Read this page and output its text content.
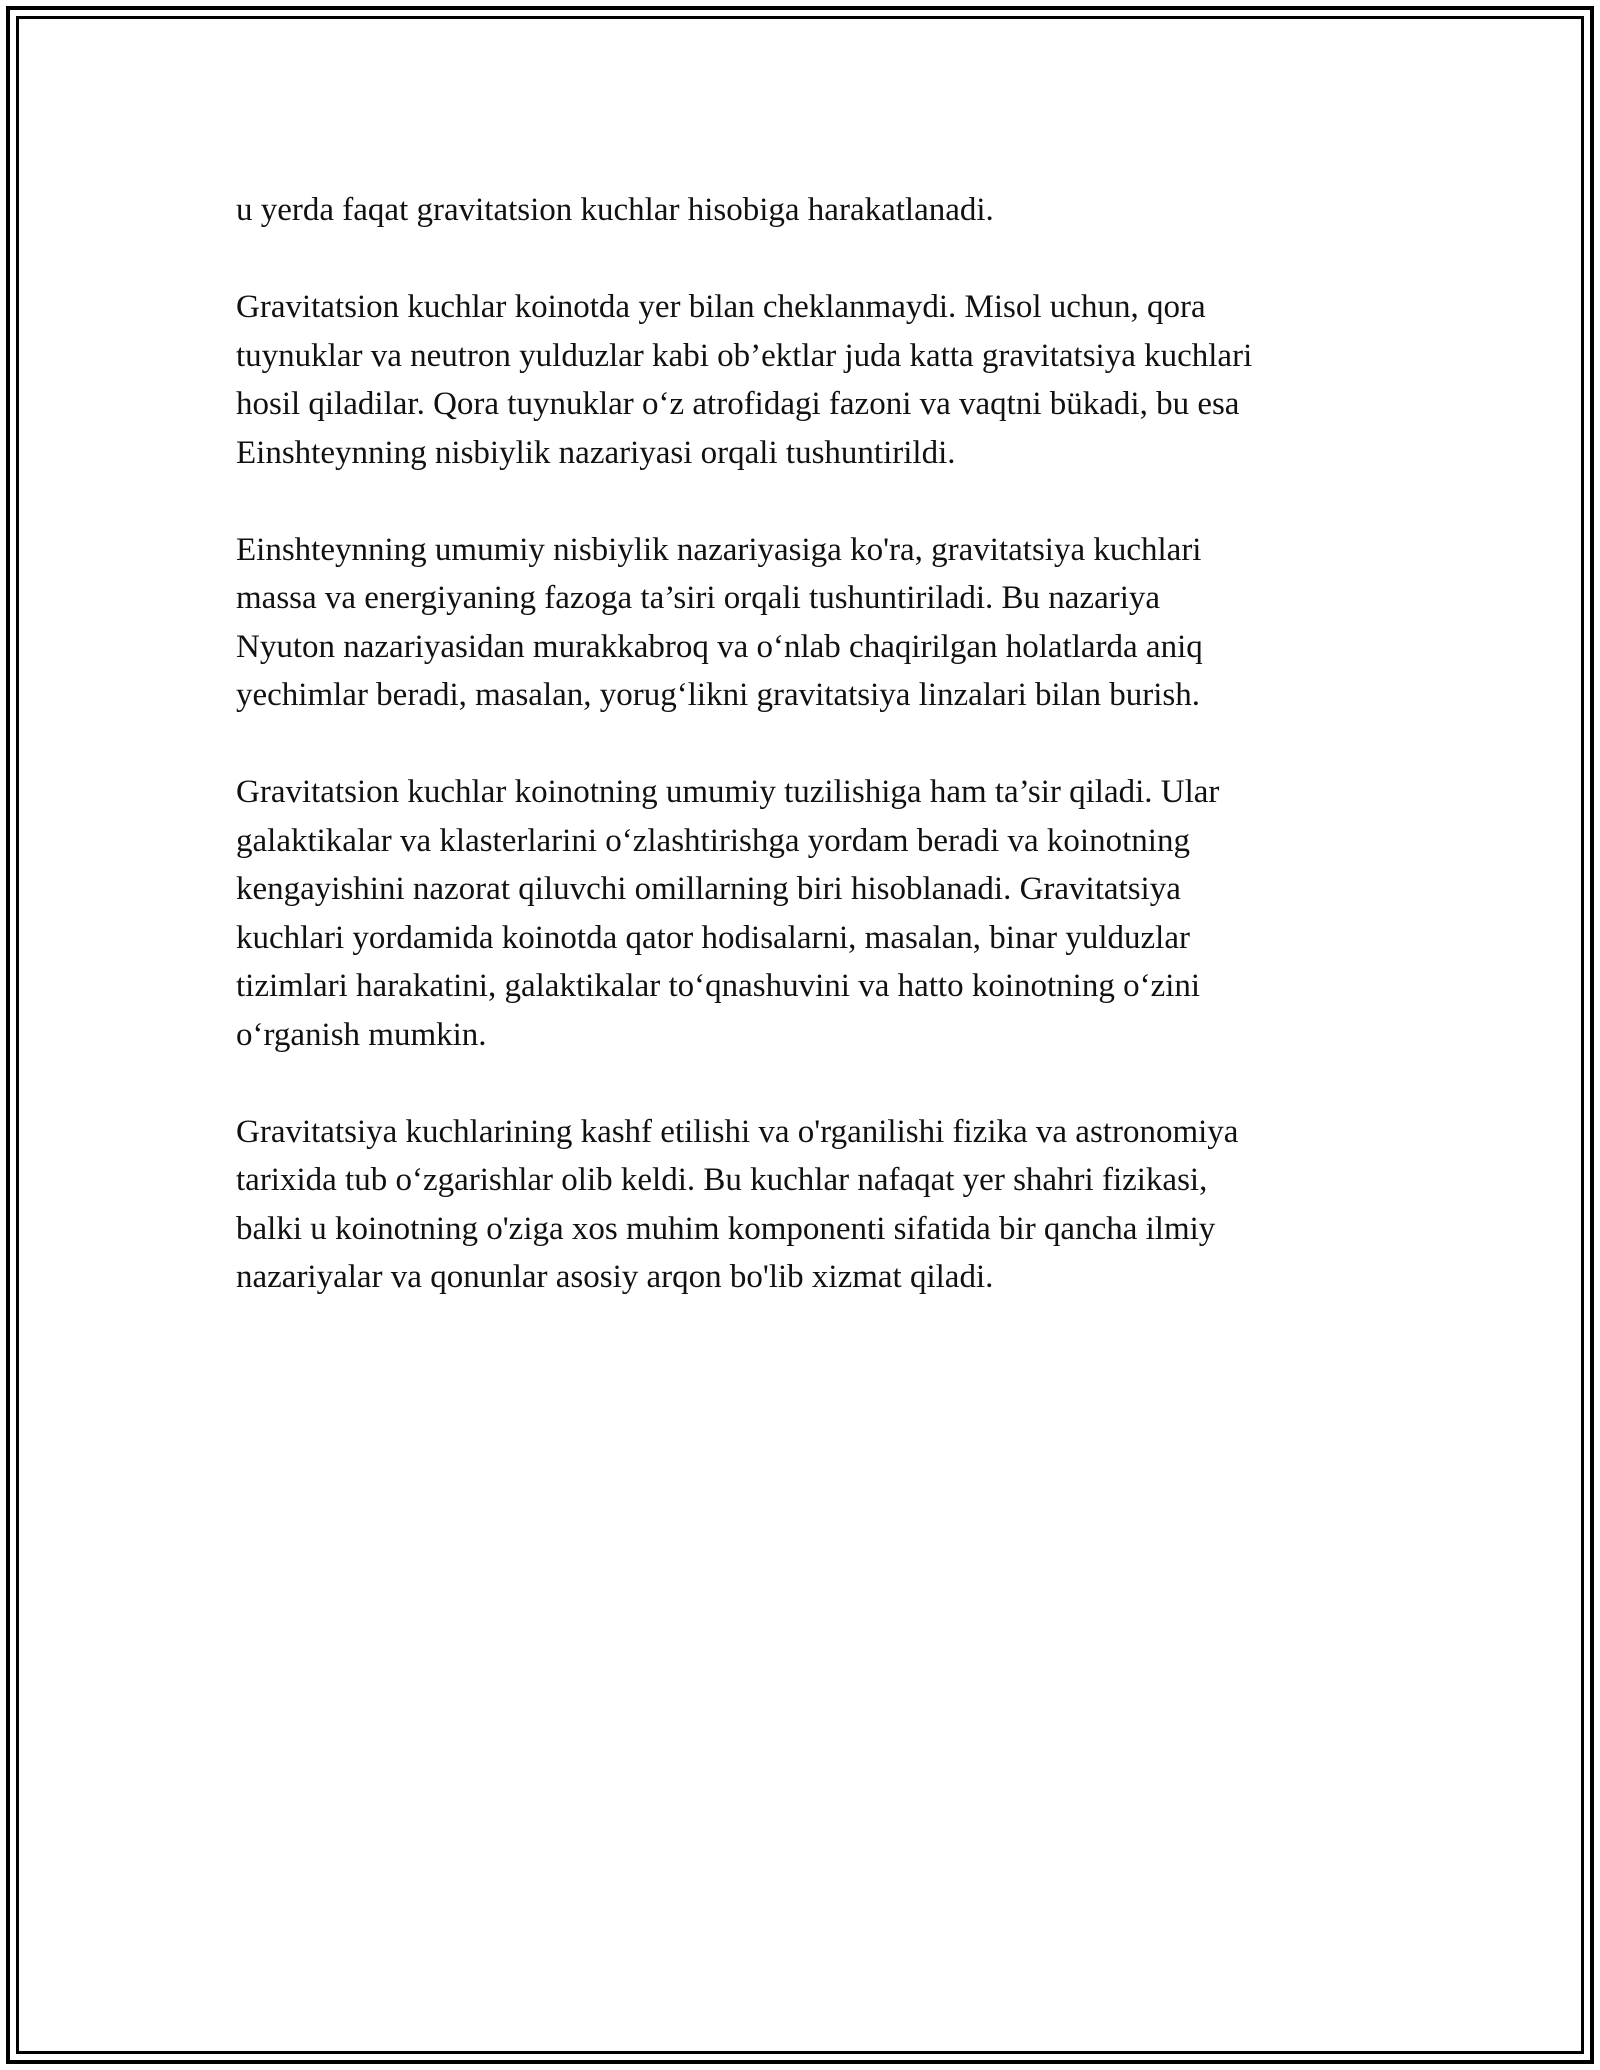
u yerda faqat gravitatsion kuchlar hisobiga harakatlanadi.

Gravitatsion kuchlar koinotda yer bilan cheklanmaydi. Misol uchun, qora
tuynuklar va neutron yulduzlar kabi ob’ektlar juda katta gravitatsiya kuchlari
hosil qiladilar. Qora tuynuklar o‘z atrofidagi fazoni va vaqtni bükadi, bu esa
Einshteynning nisbiylik nazariyasi orqali tushuntirildi.

Einshteynning umumiy nisbiylik nazariyasiga ko'ra, gravitatsiya kuchlari
massa va energiyaning fazoga ta’siri orqali tushuntiriladi. Bu nazariya
Nyuton nazariyasidan murakkabroq va o‘nlab chaqirilgan holatlarda aniq
yechimlar beradi, masalan, yorug‘likni gravitatsiya linzalari bilan burish.

Gravitatsion kuchlar koinotning umumiy tuzilishiga ham ta’sir qiladi. Ular
galaktikalar va klasterlarini o‘zlashtirishga yordam beradi va koinotning
kengayishini nazorat qiluvchi omillarning biri hisoblanadi. Gravitatsiya
kuchlari yordamida koinotda qator hodisalarni, masalan, binar yulduzlar
tizimlari harakatini, galaktikalar to‘qnashuvini va hatto koinotning o‘zini
o‘rganish mumkin.

Gravitatsiya kuchlarining kashf etilishi va o'rganilishi fizika va astronomiya
tarixida tub o‘zgarishlar olib keldi. Bu kuchlar nafaqat yer shahri fizikasi,
balki u koinotning o'ziga xos muhim komponenti sifatida bir qancha ilmiy
nazariyalar va qonunlar asosiy arqon bo'lib xizmat qiladi.
